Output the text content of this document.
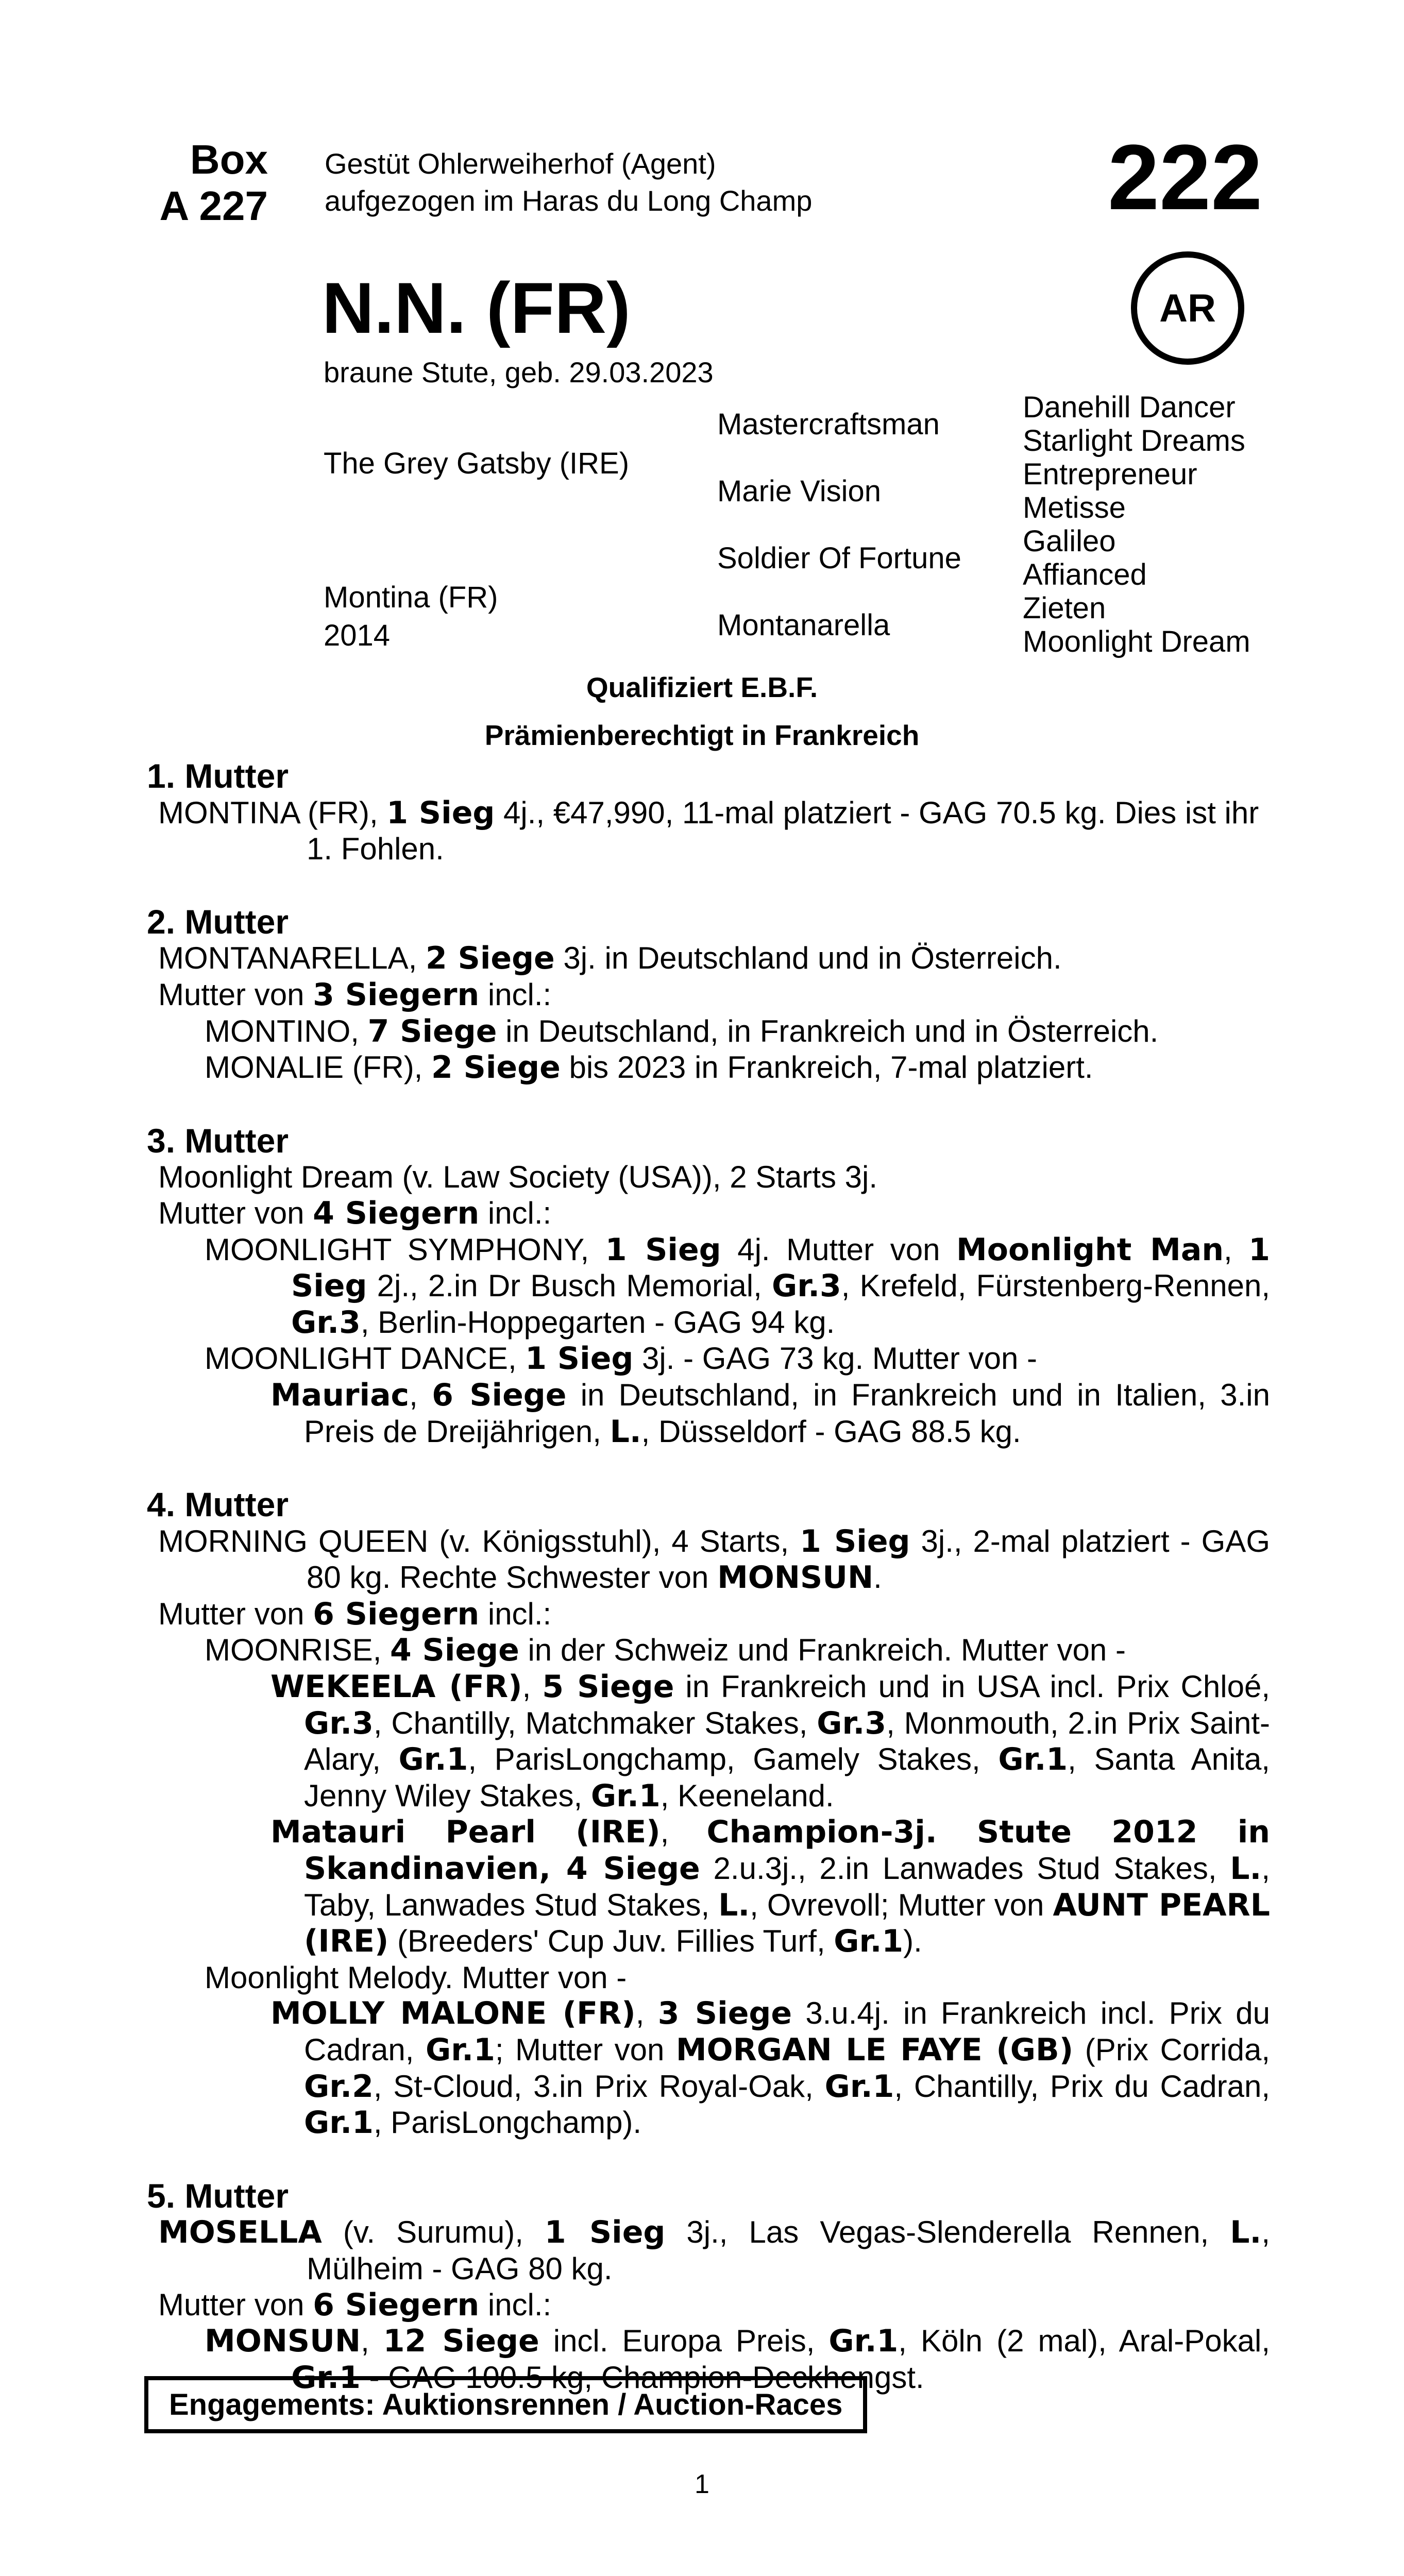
Box
A 227
Gestüt Ohlerweiherhof (Agent)
aufgezogen im Haras du Long Champ	222
N.N. (FR)	AR
braune Stute, geb. 29.03.2023
The Grey Gatsby (IRE)
Montina (FR)
2014
Mastercraftsman
Marie Vision
Soldier Of Fortune
Montanarella
Danehill Dancer
Starlight Dreams
Entrepreneur
Metisse
Galileo
Affianced
Zieten
Moonlight Dream
Qualifiziert E.B.F.
Prämienberechtigt in Frankreich
1. Mutter
MONTINA (FR), 1 Sieg 4j., €47,990, 11-mal platziert - GAG 70.5 kg. Dies ist ihr 1. Fohlen.
2. Mutter
MONTANARELLA, 2 Siege 3j. in Deutschland und in Österreich.
Mutter von 3 Siegern incl.:
MONTINO, 7 Siege in Deutschland, in Frankreich und in Österreich.
MONALIE (FR), 2 Siege bis 2023 in Frankreich, 7-mal platziert.
3. Mutter
Moonlight Dream (v. Law Society (USA)), 2 Starts 3j.
Mutter von 4 Siegern incl.:
MOONLIGHT SYMPHONY, 1 Sieg 4j. Mutter von Moonlight Man, 1 Sieg 2j., 2.in Dr Busch Memorial, Gr.3, Krefeld, Fürstenberg-Rennen, Gr.3, Berlin-Hoppegarten - GAG 94 kg.
MOONLIGHT DANCE, 1 Sieg 3j. - GAG 73 kg. Mutter von -
Mauriac, 6 Siege in Deutschland, in Frankreich und in Italien, 3.in Preis de Dreijährigen, L., Düsseldorf - GAG 88.5 kg.
4. Mutter
MORNING QUEEN (v. Königsstuhl), 4 Starts, 1 Sieg 3j., 2-mal platziert - GAG 80 kg. Rechte Schwester von MONSUN.
Mutter von 6 Siegern incl.:
MOONRISE, 4 Siege in der Schweiz und Frankreich. Mutter von -
WEKEELA (FR), 5 Siege in Frankreich und in USA incl. Prix Chloé, Gr.3, Chantilly, Matchmaker Stakes, Gr.3, Monmouth, 2.in Prix Saint-Alary, Gr.1, ParisLongchamp, Gamely Stakes, Gr.1, Santa Anita, Jenny Wiley Stakes, Gr.1, Keeneland.
Matauri Pearl (IRE), Champion-3j. Stute 2012 in Skandinavien, 4 Siege 2.u.3j., 2.in Lanwades Stud Stakes, L., Taby, Lanwades Stud Stakes, L., Ovrevoll; Mutter von AUNT PEARL (IRE) (Breeders' Cup Juv. Fillies Turf, Gr.1).
Moonlight Melody. Mutter von -
MOLLY MALONE (FR), 3 Siege 3.u.4j. in Frankreich incl. Prix du Cadran, Gr.1; Mutter von MORGAN LE FAYE (GB) (Prix Corrida, Gr.2, St-Cloud, 3.in Prix Royal-Oak, Gr.1, Chantilly, Prix du Cadran, Gr.1, ParisLongchamp).
5. Mutter
MOSELLA (v. Surumu), 1 Sieg 3j., Las Vegas-Slenderella Rennen, L., Mülheim - GAG 80 kg.
Mutter von 6 Siegern incl.:
MONSUN, 12 Siege incl. Europa Preis, Gr.1, Köln (2 mal), Aral-Pokal, Gr.1 - GAG 100.5 kg, Champion-Deckhengst.
Engagements: Auktionsrennen / Auction-Races
1
